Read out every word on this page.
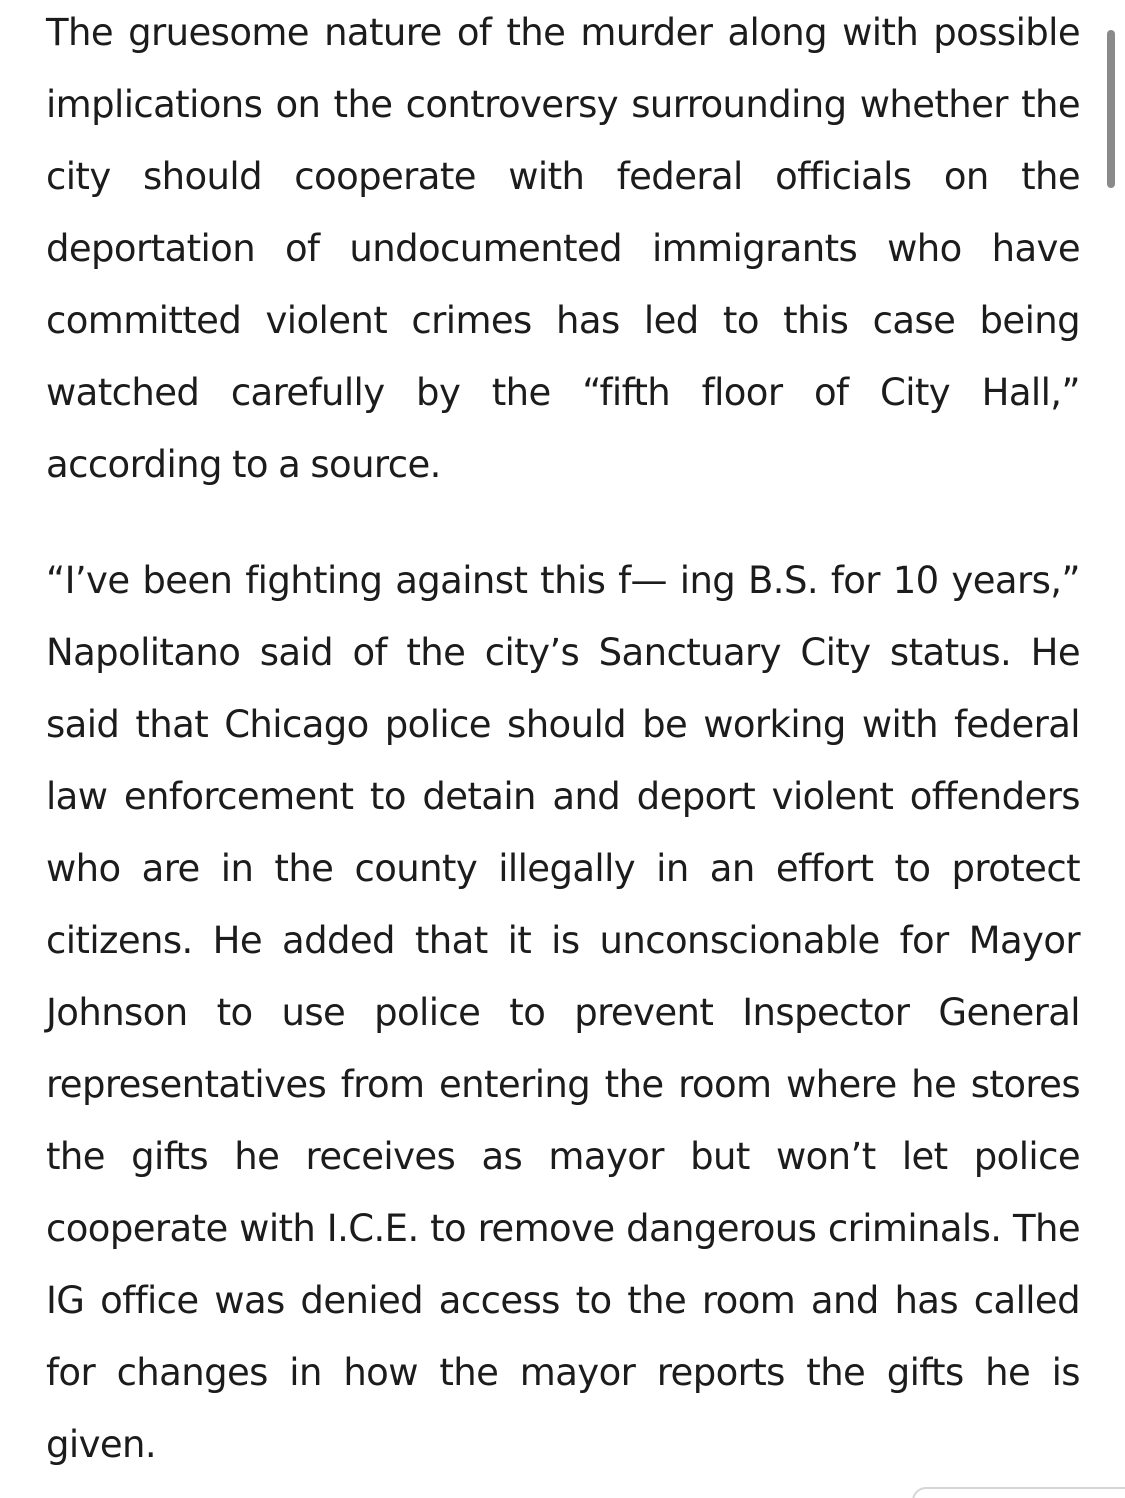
The gruesome nature of the murder along with possible implications on the controversy surrounding whether the city should cooperate with federal officials on the deportation of undocumented immigrants who have committed violent crimes has led to this case being watched carefully by the “fifth floor of City Hall,” according to a source.

“I’ve been fighting against this f— ing B.S. for 10 years,” Napolitano said of the city’s Sanctuary City status. He said that Chicago police should be working with federal law enforcement to detain and deport violent offenders who are in the county illegally in an effort to protect citizens. He added that it is unconscionable for Mayor Johnson to use police to prevent Inspector General representatives from entering the room where he stores the gifts he receives as mayor but won’t let police cooperate with I.C.E. to remove dangerous criminals. The IG office was denied access to the room and has called for changes in how the mayor reports the gifts he is given.
